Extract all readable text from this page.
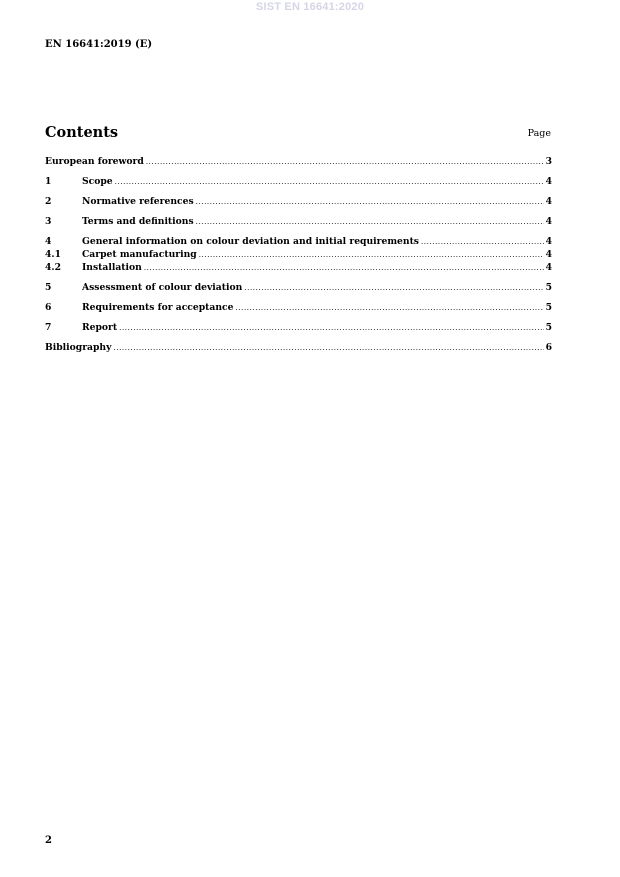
SIST EN 16641:2020
EN 16641:2019 (E)
Contents	Page
European foreword .....	3
1	Scope .....	4
2	Normative references .....	4
3	Terms and definitions .....	4
4	General information on colour deviation and initial requirements .....	4
4.1	Carpet manufacturing .....	4
4.2	Installation .....	4
5	Assessment of colour deviation .....	5
6	Requirements for acceptance .....	5
7	Report .....	5
Bibliography .....	6
2
